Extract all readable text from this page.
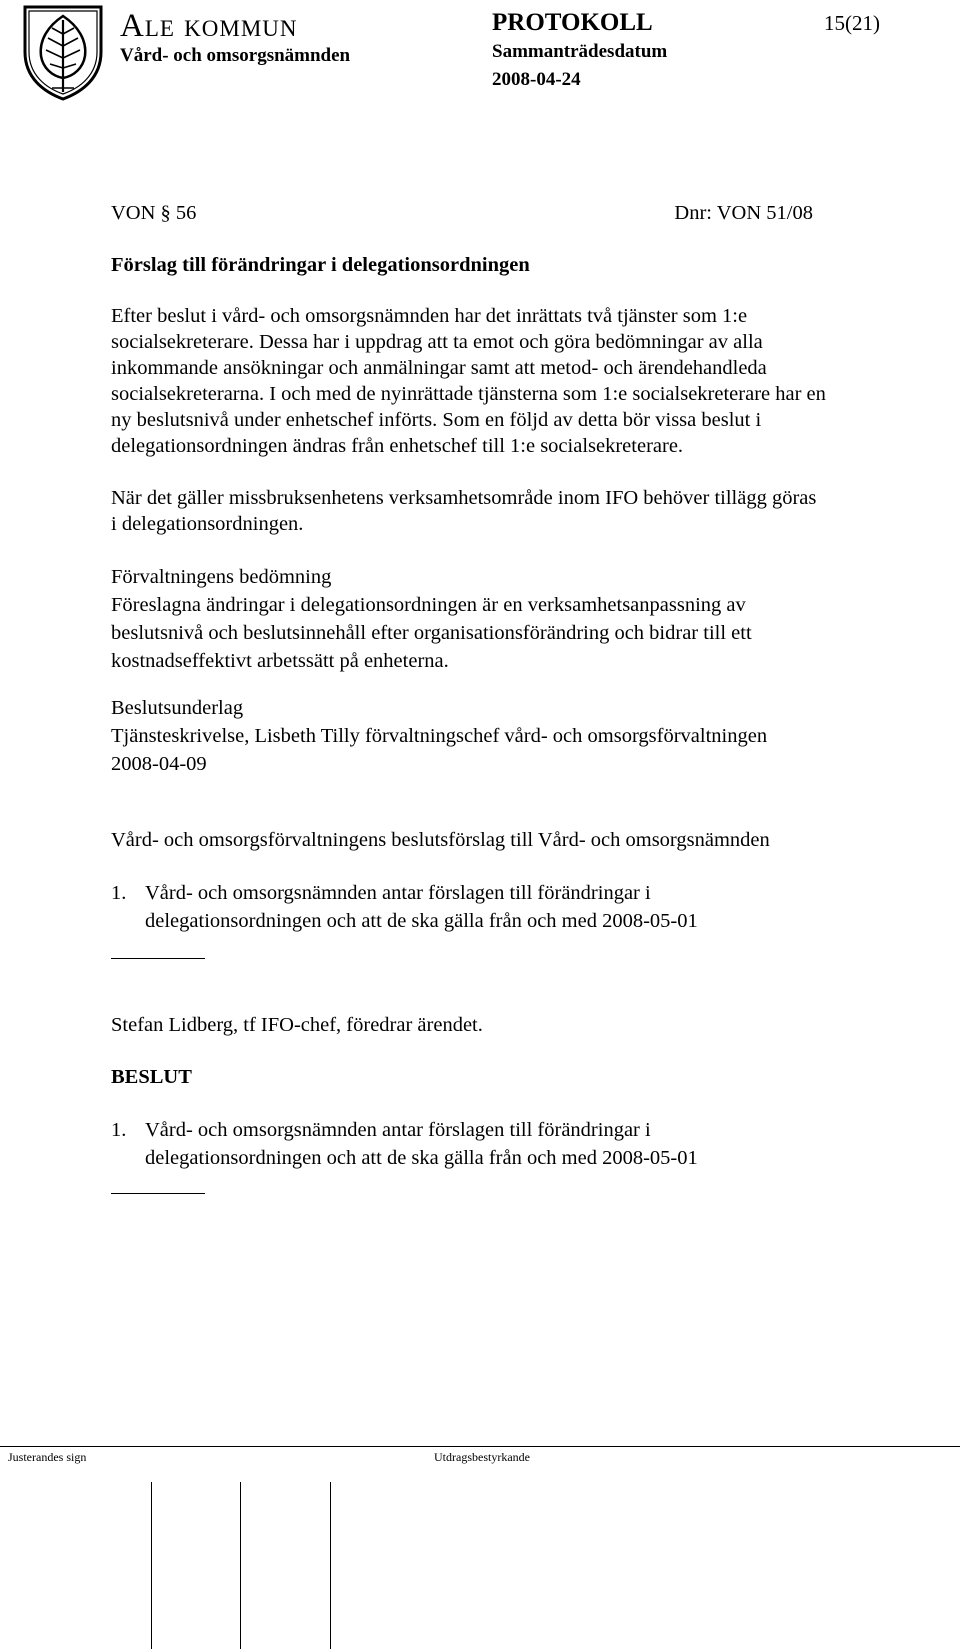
Ale kommun
Vård- och omsorgsnämnden
PROTOKOLL
Sammanträdesdatum
2008-04-24
15(21)
VON § 56	Dnr: VON 51/08
Förslag till förändringar i delegationsordningen
Efter beslut i vård- och omsorgsnämnden har det inrättats två tjänster som 1:e
socialsekreterare. Dessa har i uppdrag att ta emot och göra bedömningar av alla
inkommande ansökningar och anmälningar samt att metod- och ärendehandleda
socialsekreterarna. I och med de nyinrättade tjänsterna som 1:e socialsekreterare har en
ny beslutsnivå under enhetschef införts. Som en följd av detta bör vissa beslut i
delegationsordningen ändras från enhetschef till 1:e socialsekreterare.
När det gäller missbruksenhetens verksamhetsområde inom IFO behöver tillägg göras
i delegationsordningen.
Förvaltningens bedömning
Föreslagna ändringar i delegationsordningen är en verksamhetsanpassning av
beslutsnivå och beslutsinnehåll efter organisationsförändring och bidrar till ett
kostnadseffektivt arbetssätt på enheterna.
Beslutsunderlag
Tjänsteskrivelse, Lisbeth Tilly förvaltningschef vård- och omsorgsförvaltningen
2008-04-09
Vård- och omsorgsförvaltningens beslutsförslag till Vård- och omsorgsnämnden
1. Vård- och omsorgsnämnden antar förslagen till förändringar i
delegationsordningen och att de ska gälla från och med 2008-05-01
Stefan Lidberg, tf IFO-chef, föredrar ärendet.
BESLUT
1. Vård- och omsorgsnämnden antar förslagen till förändringar i
delegationsordningen och att de ska gälla från och med 2008-05-01
Justerandes sign	Utdragsbestyrkande
